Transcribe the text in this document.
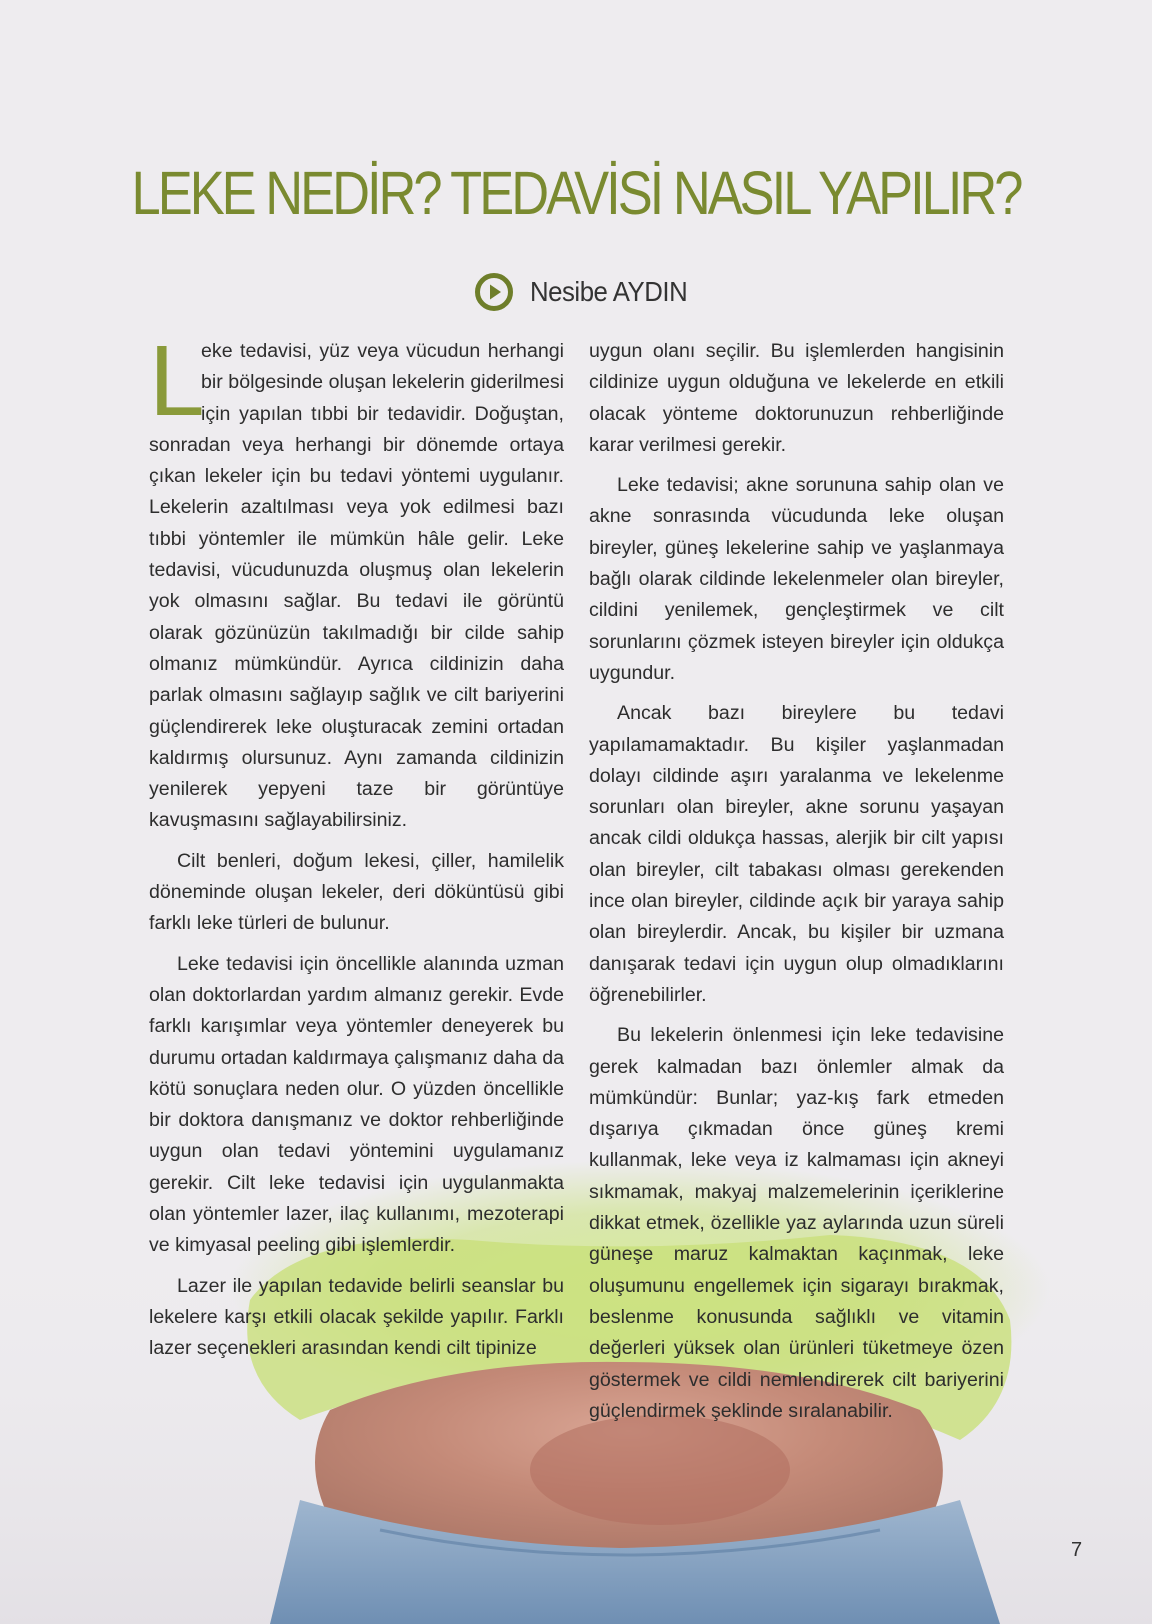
LEKE NEDİR? TEDAVİSİ NASIL YAPILIR?
Nesibe AYDIN

L
eke tedavisi, yüz veya vücudun herhangi bir bölgesinde oluşan lekelerin giderilmesi için yapılan tıbbi bir tedavidir. Doğuştan, sonradan veya herhangi bir dönemde ortaya çıkan lekeler için bu tedavi yöntemi uygulanır. Lekelerin azaltılması veya yok edilmesi bazı tıbbi yöntemler ile mümkün hâle gelir. Leke tedavisi, vücudunuzda oluşmuş olan lekelerin yok olmasını sağlar. Bu tedavi ile görüntü olarak gözünüzün takılmadığı bir cilde sahip olmanız mümkündür. Ayrıca cildinizin daha parlak olmasını sağlayıp sağlık ve cilt bariyerini güçlendirerek leke oluşturacak zemini ortadan kaldırmış olursunuz. Aynı zamanda cildinizin yenilerek yepyeni taze bir görüntüye kavuşmasını sağlayabilirsiniz.

Cilt benleri, doğum lekesi, çiller, hamilelik döneminde oluşan lekeler, deri döküntüsü gibi farklı leke türleri de bulunur.

Leke tedavisi için öncellikle alanında uzman olan doktorlardan yardım almanız gerekir. Evde farklı karışımlar veya yöntemler deneyerek bu durumu ortadan kaldırmaya çalışmanız daha da kötü sonuçlara neden olur. O yüzden öncellikle bir doktora danışmanız ve doktor rehberliğinde uygun olan tedavi yöntemini uygulamanız gerekir. Cilt leke tedavisi için uygulanmakta olan yöntemler lazer, ilaç kullanımı, mezoterapi ve kimyasal peeling gibi işlemlerdir.

Lazer ile yapılan tedavide belirli seanslar bu lekelere karşı etkili olacak şekilde yapılır. Farklı lazer seçenekleri arasından kendi cilt tipinize

uygun olanı seçilir. Bu işlemlerden hangisinin cildinize uygun olduğuna ve lekelerde en etkili olacak yönteme doktorunuzun rehberliğinde karar verilmesi gerekir.

Leke tedavisi; akne sorununa sahip olan ve akne sonrasında vücudunda leke oluşan bireyler, güneş lekelerine sahip ve yaşlanmaya bağlı olarak cildinde lekelenmeler olan bireyler, cildini yenilemek, gençleştirmek ve cilt sorunlarını çözmek isteyen bireyler için oldukça uygundur.

Ancak bazı bireylere bu tedavi yapılamamaktadır. Bu kişiler yaşlanmadan dolayı cildinde aşırı yaralanma ve lekelenme sorunları olan bireyler, akne sorunu yaşayan ancak cildi oldukça hassas, alerjik bir cilt yapısı olan bireyler, cilt tabakası olması gerekenden ince olan bireyler, cildinde açık bir yaraya sahip olan bireylerdir. Ancak, bu kişiler bir uzmana danışarak tedavi için uygun olup olmadıklarını öğrenebilirler.

Bu lekelerin önlenmesi için leke tedavisine gerek kalmadan bazı önlemler almak da mümkündür: Bunlar; yaz-kış fark etmeden dışarıya çıkmadan önce güneş kremi kullanmak, leke veya iz kalmaması için akneyi sıkmamak, makyaj malzemelerinin içeriklerine dikkat etmek, özellikle yaz aylarında uzun süreli güneşe maruz kalmaktan kaçınmak, leke oluşumunu engellemek için sigarayı bırakmak, beslenme konusunda sağlıklı ve vitamin değerleri yüksek olan ürünleri tüketmeye özen göstermek ve cildi nemlendirerek cilt bariyerini güçlendirmek şeklinde sıralanabilir.

7
